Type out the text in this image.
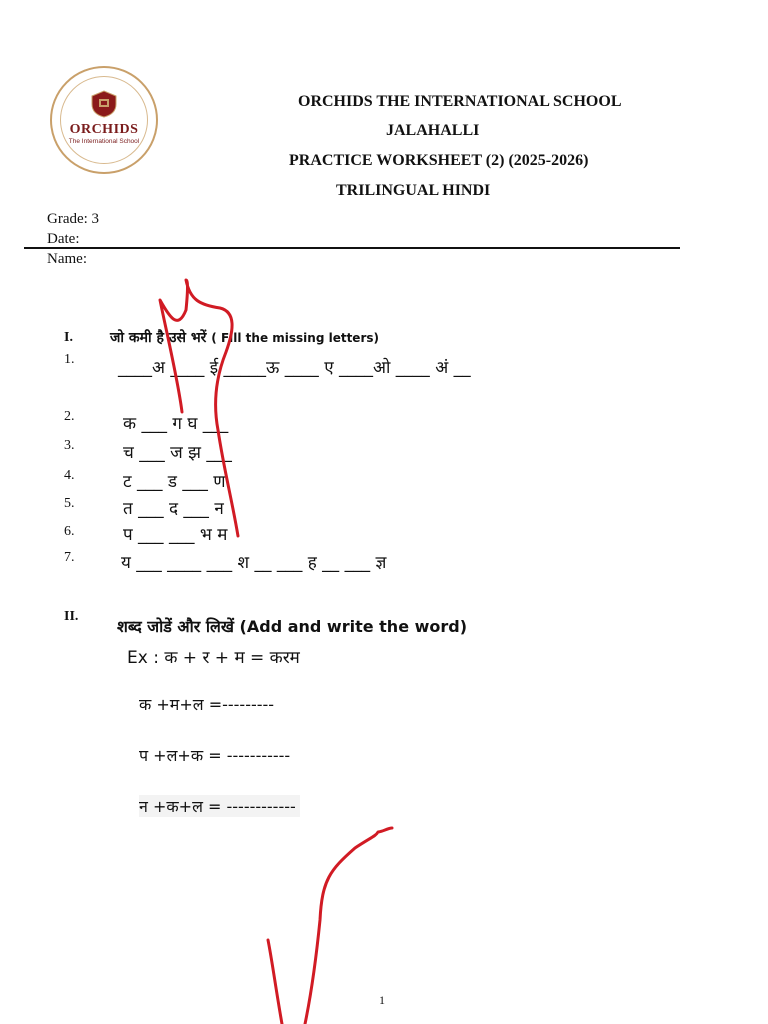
ORCHIDS
The International School
ORCHIDS THE INTERNATIONAL SCHOOL
JALAHALLI
PRACTICE WORKSHEET (2) (2025-2026)
TRILINGUAL HINDI
Grade: 3
Date:
Name:
I.	जो कमी है उसे भरें ( Fill the missing letters)
1.	____अ ____ ई _____ऊ ____ ए ____ओ ____ अं __
2.	क ___ ग घ ___
3.	च ___ ज झ ___
4.	ट ___ ड ___ ण
5.	त ___ द ___ न
6.	प ___ ___ भ म
7.	य ___ ____ ___ श __ ___ ह __ ___ ज्ञ
II.
शब्द जोडें और लिखें (Add and write the word)
Ex : क + र + म = करम
क +म+ल =---------
प +ल+क = -----------
न +क+ल = ------------
1
